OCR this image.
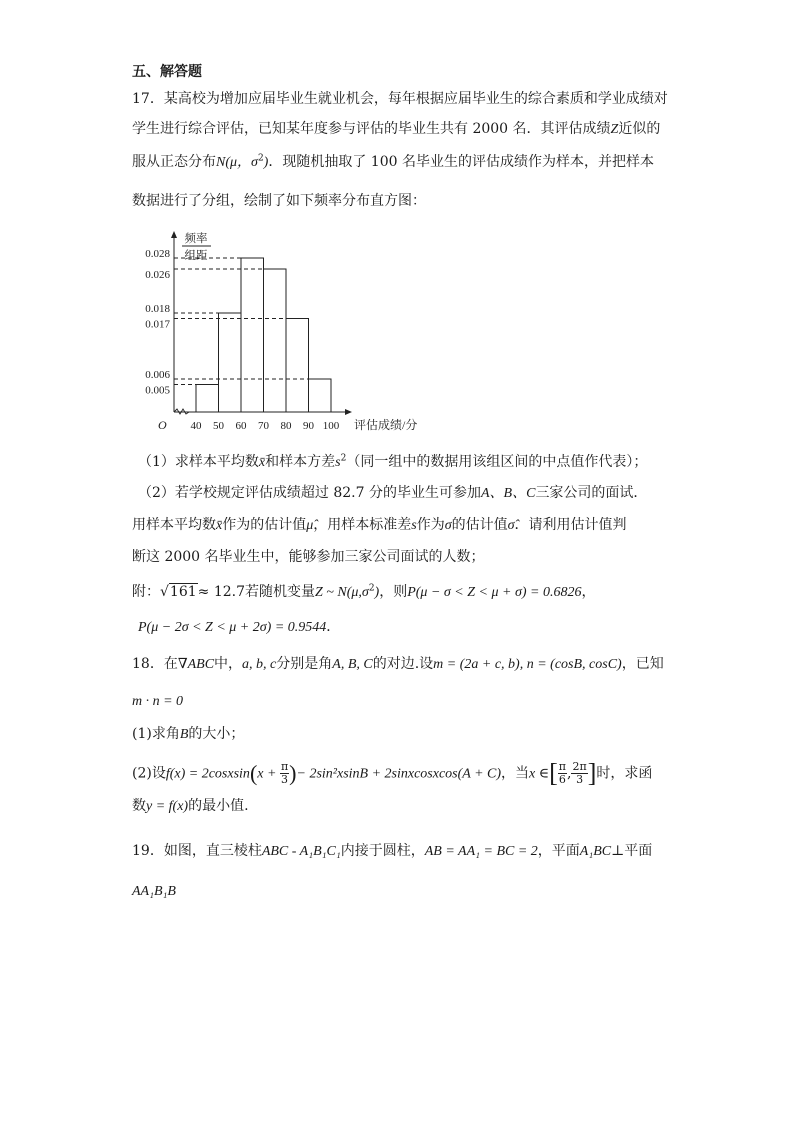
五、解答题
17．某高校为增加应届毕业生就业机会，每年根据应届毕业生的综合素质和学业成绩对
学生进行综合评估，已知某年度参与评估的毕业生共有 2000 名．其评估成绩Z近似的
服从正态分布N(μ，$\sigma^2$)．现随机抽取了 100 名毕业生的评估成绩作为样本，并把样本
数据进行了分组，绘制了如下频率分布直方图：
0.028
0.026
0.018
0.017
0.006
0.005
40 50 60 70 80 90 100
O	评估成绩/分
频率
组距
（1）求样本平均数x̄和样本方差$s^2$（同一组中的数据用该组区间的中点值作代表）；
（2）若学校规定评估成绩超过 82.7 分的毕业生可参加A、B、C三家公司的面试．
用样本平均数x̄作为的估计值μ̂，用样本标准差s作为σ的估计值σ̂．请利用估计值判
断这 2000 名毕业生中，能够参加三家公司面试的人数；
附：√161≈ 12.7若随机变量Z ~ $N(\mu,\sigma^2)$，则P(μ − σ < Z < μ + σ) = 0.6826，
P(μ − 2σ < Z < μ + 2σ) = 0.9544．
18．在∇ABC中，a, b, c分别是角A, B, C的对边.设m = (2a + c, b), n = (cosB, cosC)，已知
m · n = 0
(1)求角B的大小；
(2)设f(x) = 2cosxsin(x + $\frac{\pi}{3}$ )− 2sin²xsinB + 2sinxcosxcos(A + C)，当x ∈[ $\frac{\pi}{6}$ , $\frac{2\pi}{3}$ ]时，求函
数y = f(x)的最小值.
19．如图，直三棱柱ABC - A₁B₁C₁内接于圆柱，AB = AA₁ = BC = 2，平面A₁BC⊥平面
AA₁B₁B
